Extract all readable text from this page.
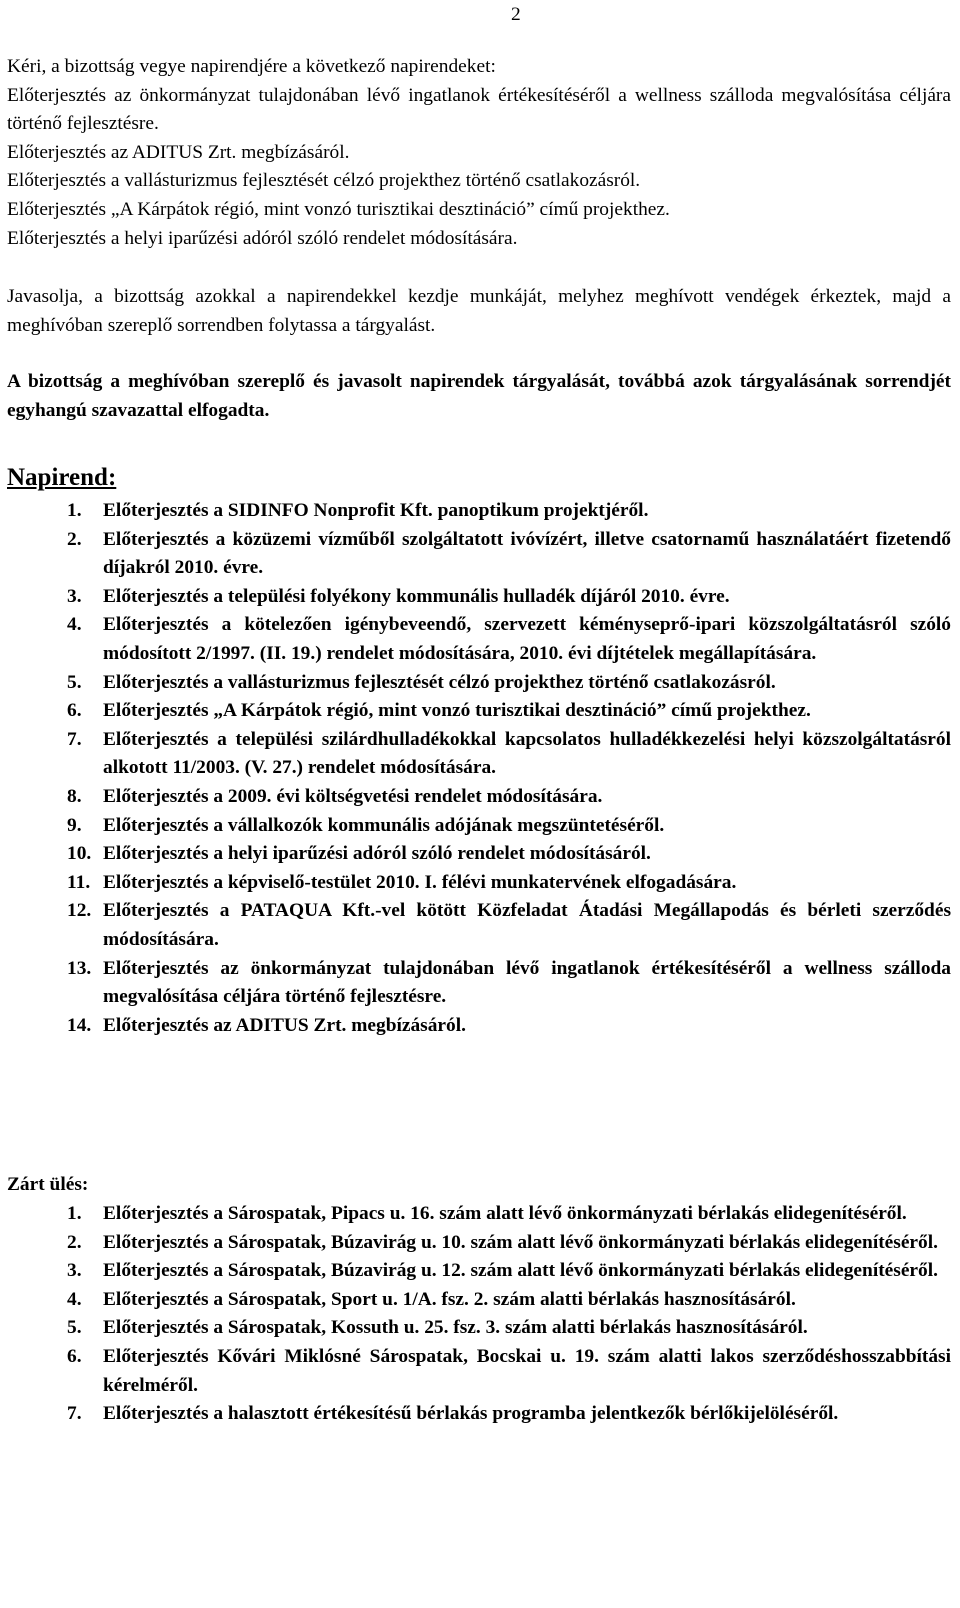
2
Kéri, a bizottság vegye napirendjére a következő napirendeket:
Előterjesztés az önkormányzat tulajdonában lévő ingatlanok értékesítéséről a wellness szálloda megvalósítása céljára történő fejlesztésre.
Előterjesztés az ADITUS Zrt. megbízásáról.
Előterjesztés a vallásturizmus fejlesztését célzó projekthez történő csatlakozásról.
Előterjesztés „A Kárpátok régió, mint vonzó turisztikai desztináció” című projekthez.
Előterjesztés a helyi iparűzési adóról szóló rendelet módosítására.
Javasolja, a bizottság azokkal a napirendekkel kezdje munkáját, melyhez meghívott vendégek érkeztek, majd a meghívóban szereplő sorrendben folytassa a tárgyalást.
A bizottság a meghívóban szereplő és javasolt napirendek tárgyalását, továbbá azok tárgyalásának sorrendjét egyhangú szavazattal elfogadta.
Napirend:
1.	Előterjesztés a SIDINFO Nonprofit Kft. panoptikum projektjéről.
2.	Előterjesztés a közüzemi vízműből szolgáltatott ivóvízért, illetve csatornamű használatáért fizetendő díjakról 2010. évre.
3.	Előterjesztés a települési folyékony kommunális hulladék díjáról 2010. évre.
4.	Előterjesztés a kötelezően igénybeveendő, szervezett kéményseprő-ipari közszolgáltatásról szóló módosított 2/1997. (II. 19.) rendelet módosítására, 2010. évi díjtételek megállapítására.
5.	Előterjesztés a vallásturizmus fejlesztését célzó projekthez történő csatlakozásról.
6.	Előterjesztés „A Kárpátok régió, mint vonzó turisztikai desztináció” című projekthez.
7.	Előterjesztés a települési szilárdhulladékokkal kapcsolatos hulladékkezelési helyi közszolgáltatásról alkotott 11/2003. (V. 27.) rendelet módosítására.
8.	Előterjesztés a 2009. évi költségvetési rendelet módosítására.
9.	Előterjesztés a vállalkozók kommunális adójának megszüntetéséről.
10. Előterjesztés a helyi iparűzési adóról szóló rendelet módosításáról.
11. Előterjesztés a képviselő-testület 2010. I. félévi munkatervének elfogadására.
12. Előterjesztés a PATAQUA Kft.-vel kötött Közfeladat Átadási Megállapodás és bérleti szerződés módosítására.
13. Előterjesztés az önkormányzat tulajdonában lévő ingatlanok értékesítéséről a wellness szálloda megvalósítása céljára történő fejlesztésre.
14. Előterjesztés az ADITUS Zrt. megbízásáról.
Zárt ülés:
1.	Előterjesztés a Sárospatak, Pipacs u. 16. szám alatt lévő önkormányzati bérlakás elidegenítéséről.
2.	Előterjesztés a Sárospatak, Búzavirág u. 10. szám alatt lévő önkormányzati bérlakás elidegenítéséről.
3.	Előterjesztés a Sárospatak, Búzavirág u. 12. szám alatt lévő önkormányzati bérlakás elidegenítéséről.
4.	Előterjesztés a Sárospatak, Sport u. 1/A. fsz. 2. szám alatti bérlakás hasznosításáról.
5.	Előterjesztés a Sárospatak, Kossuth u. 25. fsz. 3. szám alatti bérlakás hasznosításáról.
6.	Előterjesztés Kővári Miklósné Sárospatak, Bocskai u. 19. szám alatti lakos szerződéshosszabbítási kérelméről.
7.	Előterjesztés a halasztott értékesítésű bérlakás programba jelentkezők bérlőkijelöléséről.
